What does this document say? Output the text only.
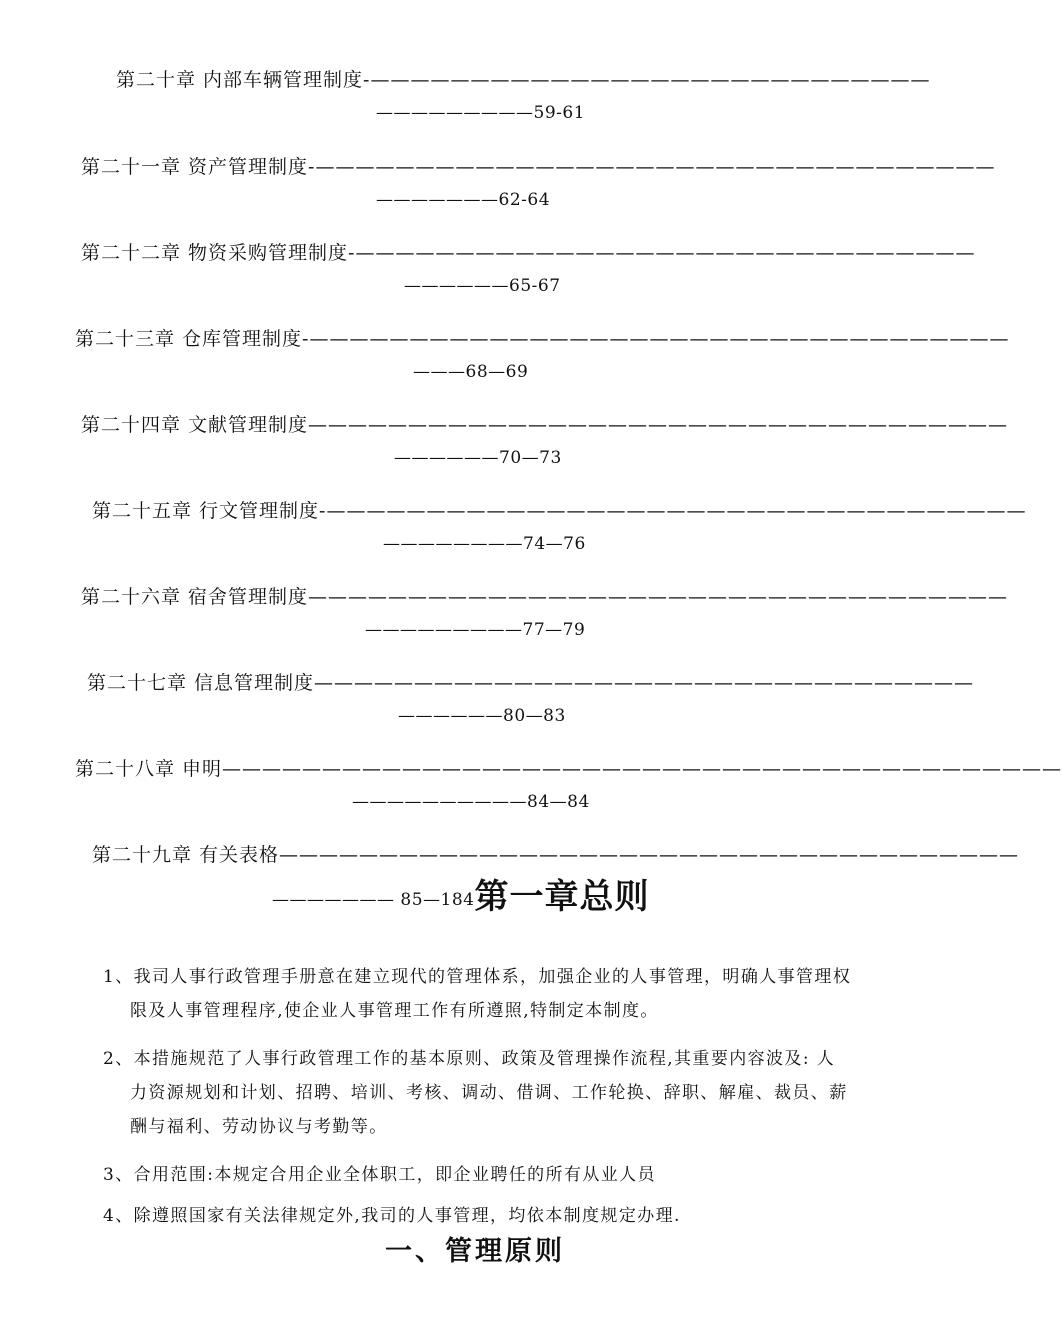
第二十章 内部车辆管理制度-————————————————————————————
—————————59-61
第二十一章 资产管理制度-——————————————————————————————————
———————62-64
第二十二章 物资采购管理制度-———————————————————————————————
——————65-67
第二十三章 仓库管理制度-———————————————————————————————————
———68—69
第二十四章 文献管理制度———————————————————————————————————
——————70—73
第二十五章 行文管理制度-———————————————————————————————————
————————74—76
第二十六章 宿舍管理制度———————————————————————————————————
—————————77—79
第二十七章 信息管理制度—————————————————————————————————
——————80—83
第二十八章 申明——————————————————————————————————————————
——————————84—84
第二十九章 有关表格—————————————————————————————————————
——————— 85—184第一章总则
1、我司人事行政管理手册意在建立现代的管理体系，加强企业的人事管理，明确人事管理权
限及人事管理程序,使企业人事管理工作有所遵照,特制定本制度。
2、本措施规范了人事行政管理工作的基本原则、政策及管理操作流程,其重要内容波及: 人
力资源规划和计划、招聘、培训、考核、调动、借调、工作轮换、辞职、解雇、裁员、薪
酬与福利、劳动协议与考勤等。
3、合用范围:本规定合用企业全体职工，即企业聘任的所有从业人员
4、除遵照国家有关法律规定外,我司的人事管理，均依本制度规定办理.
一、管理原则
